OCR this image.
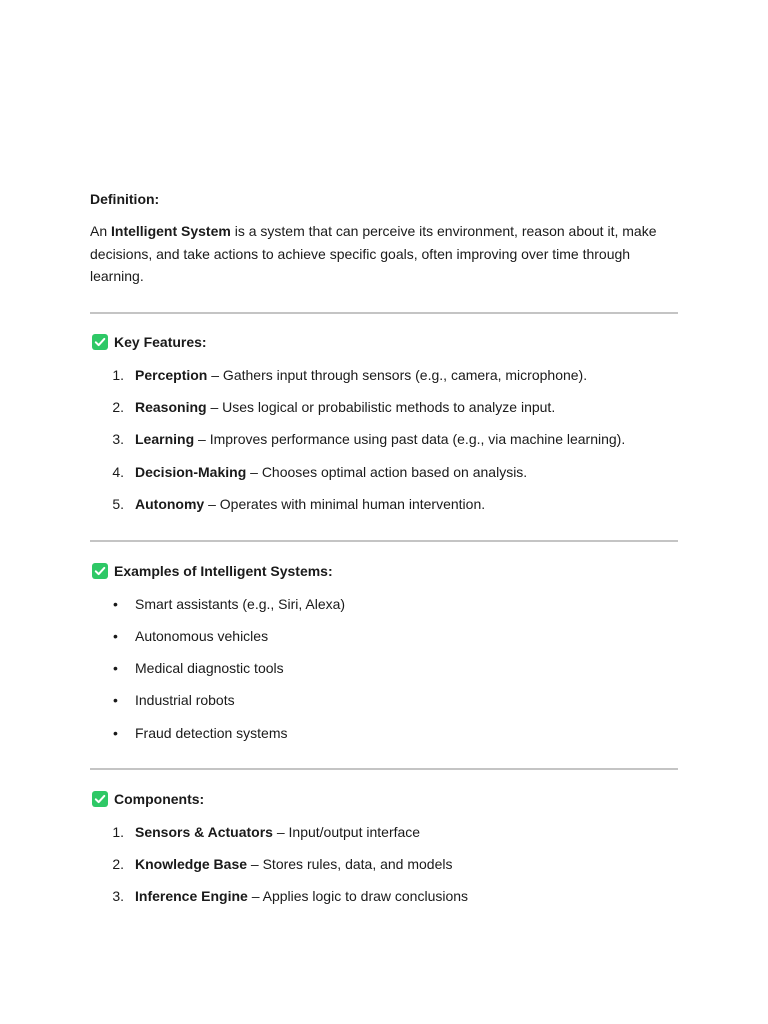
Definition:
An Intelligent System is a system that can perceive its environment, reason about it, make decisions, and take actions to achieve specific goals, often improving over time through learning.
Key Features:
1. Perception – Gathers input through sensors (e.g., camera, microphone).
2. Reasoning – Uses logical or probabilistic methods to analyze input.
3. Learning – Improves performance using past data (e.g., via machine learning).
4. Decision-Making – Chooses optimal action based on analysis.
5. Autonomy – Operates with minimal human intervention.
Examples of Intelligent Systems:
• Smart assistants (e.g., Siri, Alexa)
• Autonomous vehicles
• Medical diagnostic tools
• Industrial robots
• Fraud detection systems
Components:
1. Sensors & Actuators – Input/output interface
2. Knowledge Base – Stores rules, data, and models
3. Inference Engine – Applies logic to draw conclusions
